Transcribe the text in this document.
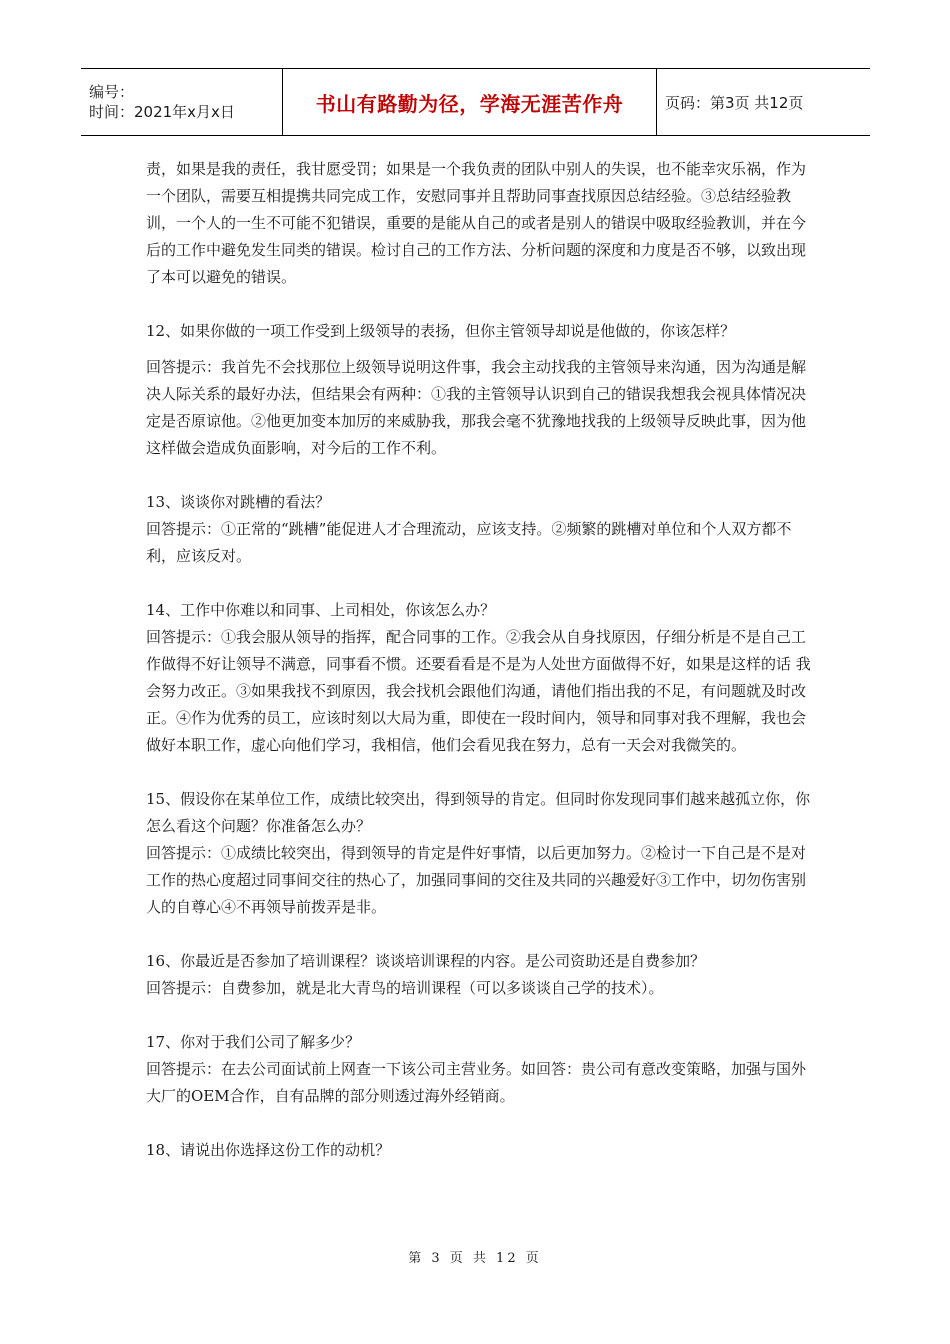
编号：
时间：2021年x月x日	书山有路勤为径，学海无涯苦作舟	页码：第3页 共12页

责，如果是我的责任，我甘愿受罚；如果是一个我负责的团队中别人的失误，也不能幸灾乐祸，作为一个团队，需要互相提携共同完成工作，安慰同事并且帮助同事查找原因总结经验。③总结经验教训，一个人的一生不可能不犯错误，重要的是能从自己的或者是别人的错误中吸取经验教训，并在今后的工作中避免发生同类的错误。检讨自己的工作方法、分析问题的深度和力度是否不够，以致出现了本可以避免的错误。

12、如果你做的一项工作受到上级领导的表扬，但你主管领导却说是他做的，你该怎样？

回答提示：我首先不会找那位上级领导说明这件事，我会主动找我的主管领导来沟通，因为沟通是解决人际关系的最好办法，但结果会有两种：①我的主管领导认识到自己的错误我想我会视具体情况决定是否原谅他。②他更加变本加厉的来威胁我，那我会毫不犹豫地找我的上级领导反映此事，因为他这样做会造成负面影响，对今后的工作不利。

13、谈谈你对跳槽的看法？

回答提示：①正常的“跳槽”能促进人才合理流动，应该支持。②频繁的跳槽对单位和个人双方都不利，应该反对。

14、工作中你难以和同事、上司相处，你该怎么办？

回答提示：①我会服从领导的指挥，配合同事的工作。②我会从自身找原因，仔细分析是不是自己工作做得不好让领导不满意，同事看不惯。还要看看是不是为人处世方面做得不好，如果是这样的话 我会努力改正。③如果我找不到原因，我会找机会跟他们沟通，请他们指出我的不足，有问题就及时改正。④作为优秀的员工，应该时刻以大局为重，即使在一段时间内，领导和同事对我不理解，我也会做好本职工作，虚心向他们学习，我相信，他们会看见我在努力，总有一天会对我微笑的。

15、假设你在某单位工作，成绩比较突出，得到领导的肯定。但同时你发现同事们越来越孤立你，你怎么看这个问题？你准备怎么办？

回答提示：①成绩比较突出，得到领导的肯定是件好事情，以后更加努力。②检讨一下自己是不是对工作的热心度超过同事间交往的热心了，加强同事间的交往及共同的兴趣爱好③工作中，切勿伤害别人的自尊心④不再领导前拨弄是非。

16、你最近是否参加了培训课程？谈谈培训课程的内容。是公司资助还是自费参加？

回答提示：自费参加，就是北大青鸟的培训课程（可以多谈谈自己学的技术）。

17、你对于我们公司了解多少？

回答提示：在去公司面试前上网查一下该公司主营业务。如回答：贵公司有意改变策略，加强与国外大厂的OEM合作，自有品牌的部分则透过海外经销商。

18、请说出你选择这份工作的动机？

第 3 页 共 12 页
